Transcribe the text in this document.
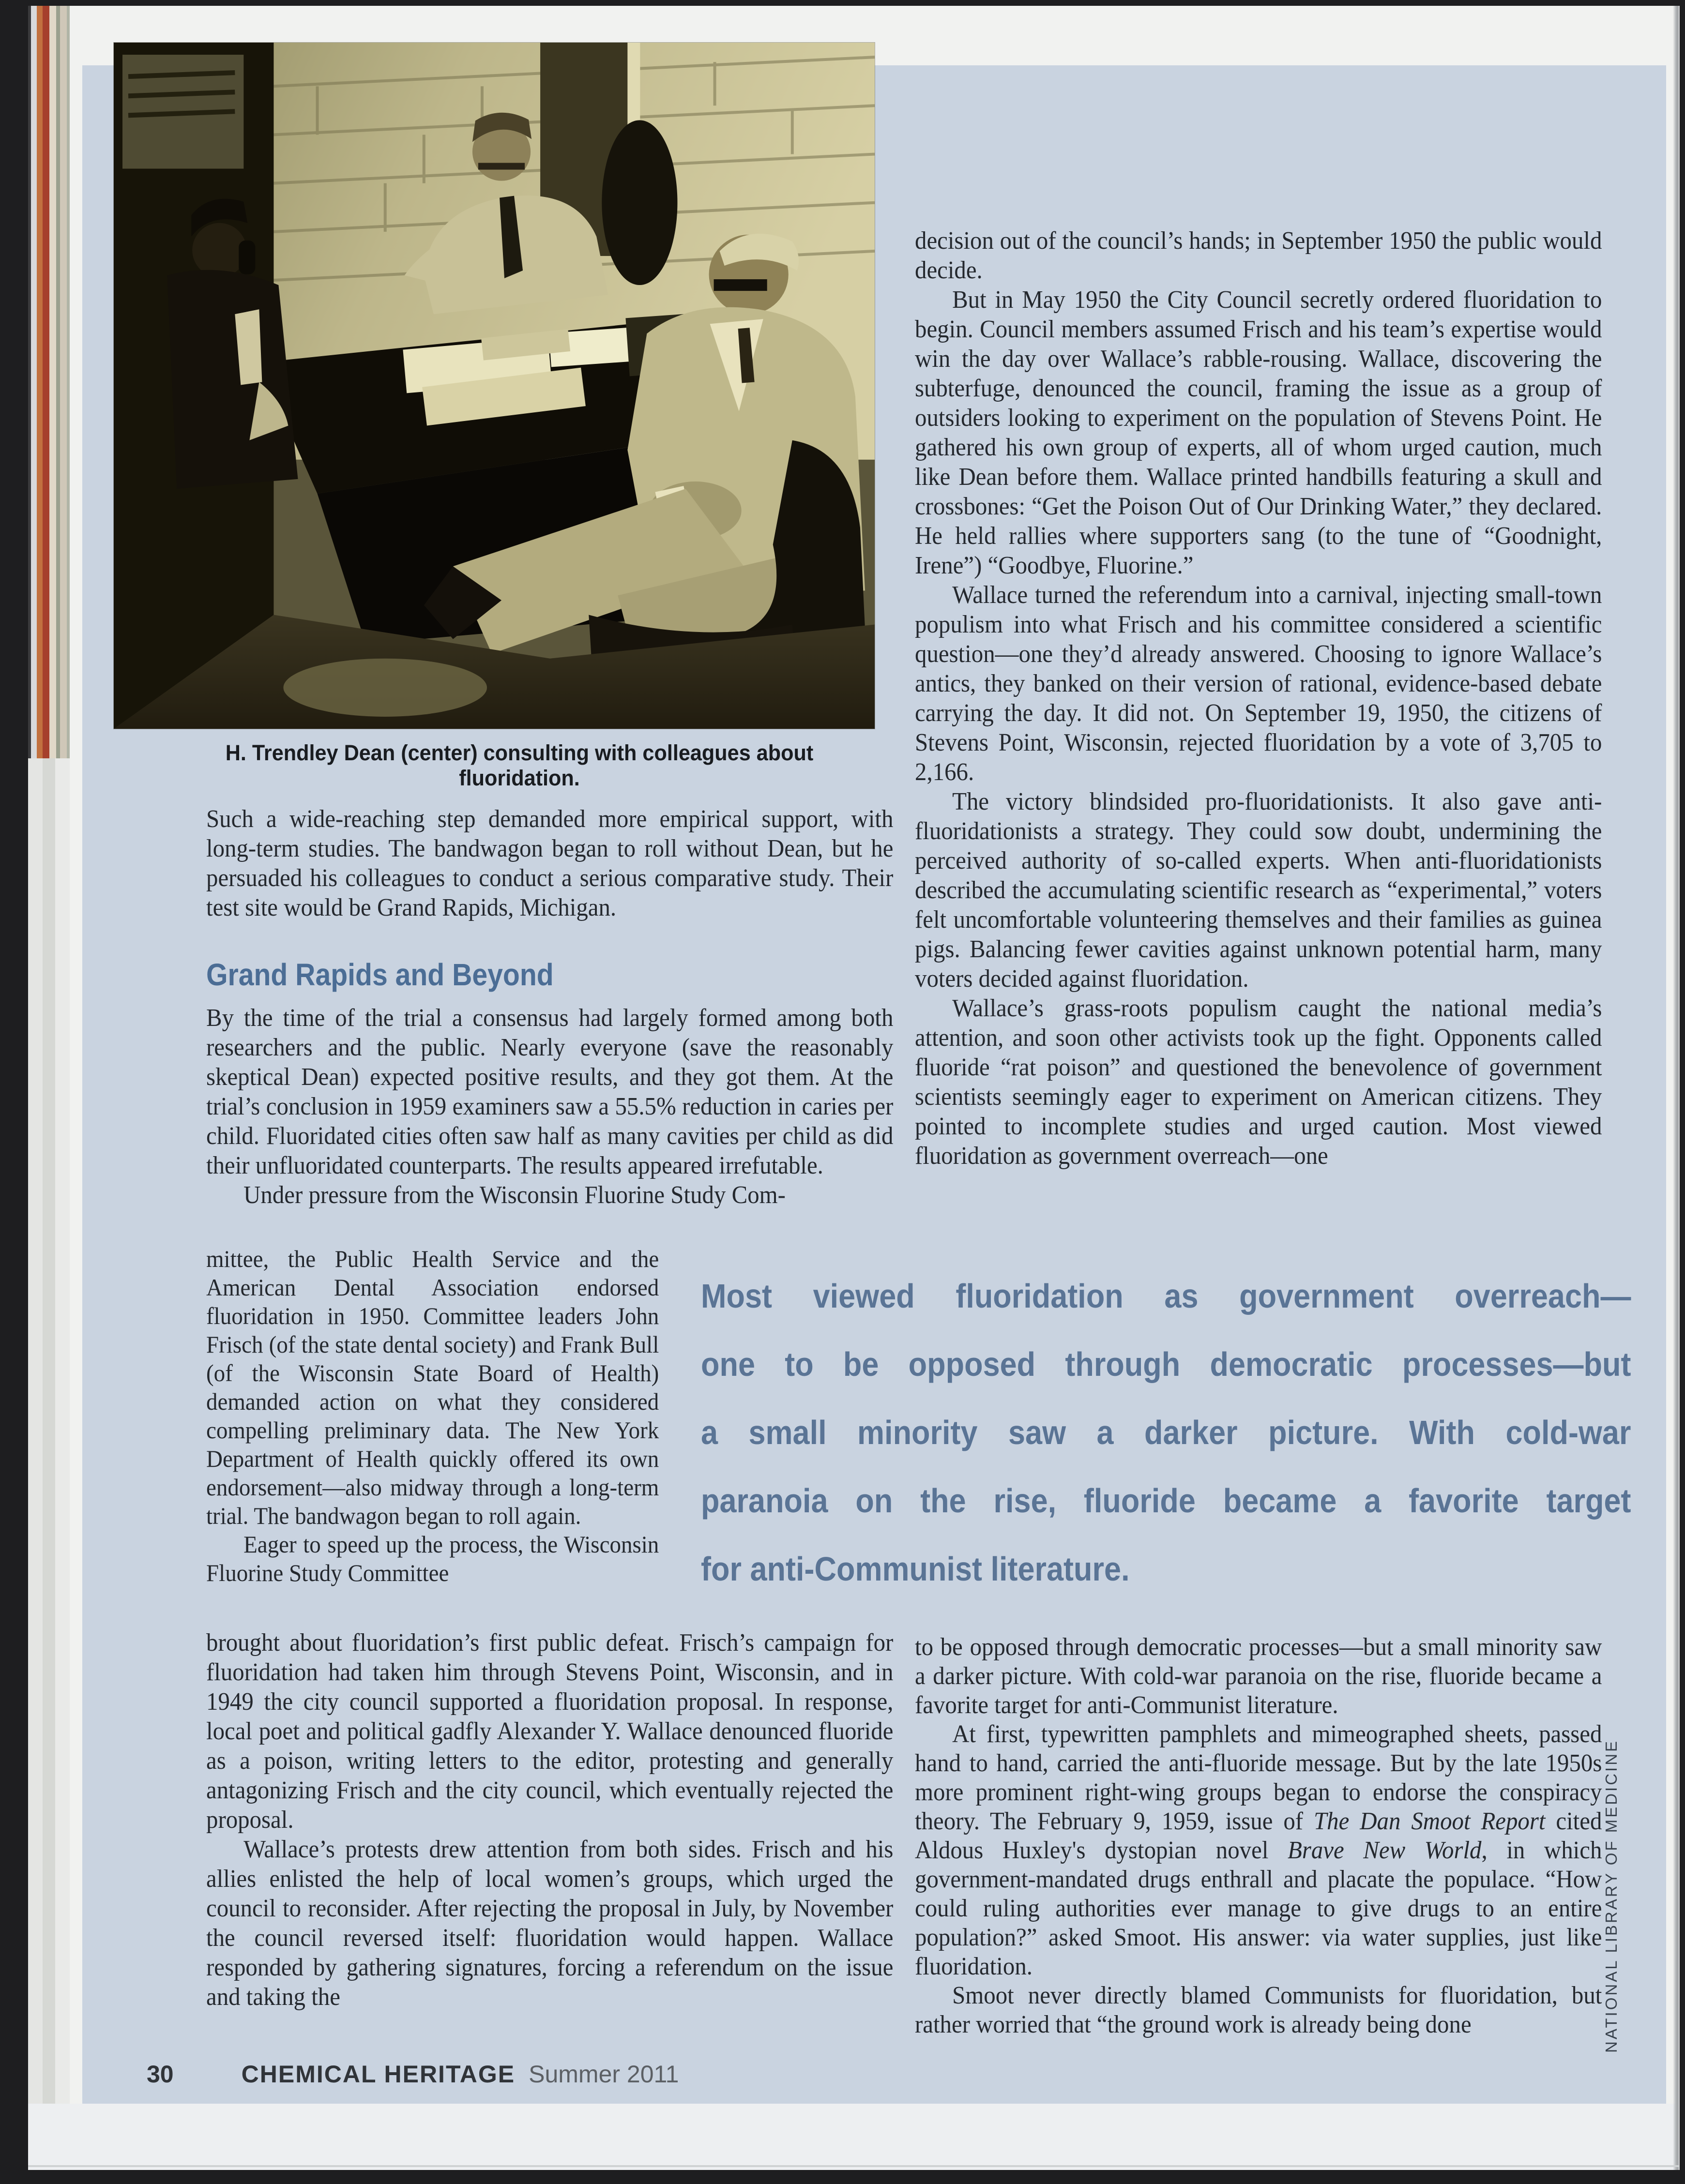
H. Trendley Dean (center) consulting with colleagues about fluoridation.

Such a wide-reaching step demanded more empirical support, with long-term studies. The bandwagon began to roll without Dean, but he persuaded his colleagues to conduct a serious comparative study. Their test site would be Grand Rapids, Michigan.

Grand Rapids and Beyond

By the time of the trial a consensus had largely formed among both researchers and the public. Nearly everyone (save the reasonably skeptical Dean) expected positive results, and they got them. At the trial’s conclusion in 1959 examiners saw a 55.5% reduction in caries per child. Fluoridated cities often saw half as many cavities per child as did their unfluoridated counterparts. The results appeared irrefutable.

Under pressure from the Wisconsin Fluorine Study Com-

mittee, the Public Health Service and the American Dental Association endorsed fluoridation in 1950. Committee leaders John Frisch (of the state dental society) and Frank Bull (of the Wisconsin State Board of Health) demanded action on what they considered compelling preliminary data. The New York Department of Health quickly offered its own endorsement—also midway through a long-term trial. The bandwagon began to roll again.

Eager to speed up the process, the Wisconsin Fluorine Study Committee

brought about fluoridation’s first public defeat. Frisch’s campaign for fluoridation had taken him through Stevens Point, Wisconsin, and in 1949 the city council supported a fluoridation proposal. In response, local poet and political gadfly Alexander Y. Wallace denounced fluoride as a poison, writing letters to the editor, protesting and generally antagonizing Frisch and the city council, which eventually rejected the proposal.

Wallace’s protests drew attention from both sides. Frisch and his allies enlisted the help of local women’s groups, which urged the council to reconsider. After rejecting the proposal in July, by November the council reversed itself: fluoridation would happen. Wallace responded by gathering signatures, forcing a referendum on the issue and taking the

decision out of the council’s hands; in September 1950 the public would decide.

But in May 1950 the City Council secretly ordered fluoridation to begin. Council members assumed Frisch and his team’s expertise would win the day over Wallace’s rabble-rousing. Wallace, discovering the subterfuge, denounced the council, framing the issue as a group of outsiders looking to experiment on the population of Stevens Point. He gathered his own group of experts, all of whom urged caution, much like Dean before them. Wallace printed handbills featuring a skull and crossbones: “Get the Poison Out of Our Drinking Water,” they declared. He held rallies where supporters sang (to the tune of “Goodnight, Irene”) “Goodbye, Fluorine.”

Wallace turned the referendum into a carnival, injecting small-town populism into what Frisch and his committee considered a scientific question—one they’d already answered. Choosing to ignore Wallace’s antics, they banked on their version of rational, evidence-based debate carrying the day. It did not. On September 19, 1950, the citizens of Stevens Point, Wisconsin, rejected fluoridation by a vote of 3,705 to 2,166.

The victory blindsided pro-fluoridationists. It also gave anti-fluoridationists a strategy. They could sow doubt, undermining the perceived authority of so-called experts. When anti-fluoridationists described the accumulating scientific research as “experimental,” voters felt uncomfortable volunteering themselves and their families as guinea pigs. Balancing fewer cavities against unknown potential harm, many voters decided against fluoridation.

Wallace’s grass-roots populism caught the national media’s attention, and soon other activists took up the fight. Opponents called fluoride “rat poison” and questioned the benevolence of government scientists seemingly eager to experiment on American citizens. They pointed to incomplete studies and urged caution. Most viewed fluoridation as government overreach—one

Most viewed fluoridation as government overreach—
one to be opposed through democratic processes—but
a small minority saw a darker picture. With cold-war
paranoia on the rise, fluoride became a favorite target
for anti-Communist literature.

to be opposed through democratic processes—but a small minority saw a darker picture. With cold-war paranoia on the rise, fluoride became a favorite target for anti-Communist literature.

At first, typewritten pamphlets and mimeographed sheets, passed hand to hand, carried the anti-fluoride message. But by the late 1950s more prominent right-wing groups began to endorse the conspiracy theory. The February 9, 1959, issue of The Dan Smoot Report cited Aldous Huxley's dystopian novel Brave New World, in which government-mandated drugs enthrall and placate the populace. “How could ruling authorities ever manage to give drugs to an entire population?” asked Smoot. His answer: via water supplies, just like fluoridation.

Smoot never directly blamed Communists for fluoridation, but rather worried that “the ground work is already being done

30	CHEMICAL HERITAGE Summer 2011
NATIONAL LIBRARY OF MEDICINE
